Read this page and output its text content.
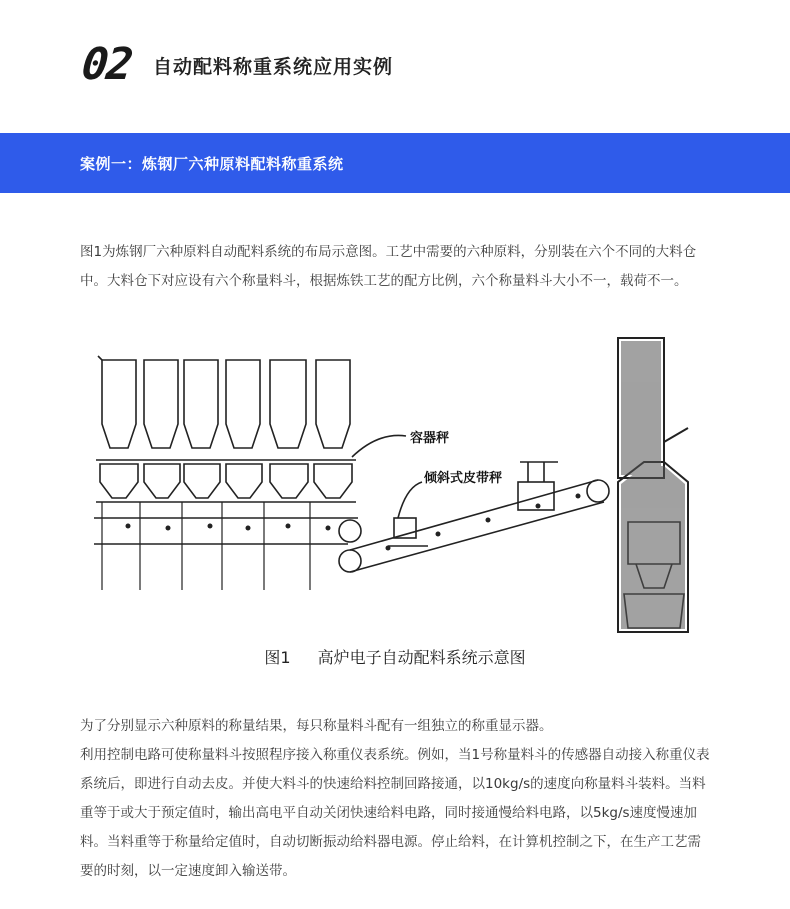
02 自动配料称重系统应用实例
案例一：炼钢厂六种原料配料称重系统
图1为炼钢厂六种原料自动配料系统的布局示意图。工艺中需要的六种原料，分别装在六个不同的大料仓中。大料仓下对应设有六个称量料斗，根据炼铁工艺的配方比例，六个称量料斗大小不一，载荷不一。
容器秤
倾斜式皮带秤
图1 高炉电子自动配料系统示意图
为了分别显示六种原料的称量结果，每只称量料斗配有一组独立的称重显示器。
利用控制电路可使称量料斗按照程序接入称重仪表系统。例如，当1号称量料斗的传感器自动接入称重仪表系统后，即进行自动去皮。并使大料斗的快速给料控制回路接通，以10kg/s的速度向称量料斗装料。当料重等于或大于预定值时，输出高电平自动关闭快速给料电路，同时接通慢给料电路，以5kg/s速度慢速加料。当料重等于称量给定值时，自动切断振动给料器电源。停止给料，在计算机控制之下，在生产工艺需要的时刻，以一定速度卸入输送带。
